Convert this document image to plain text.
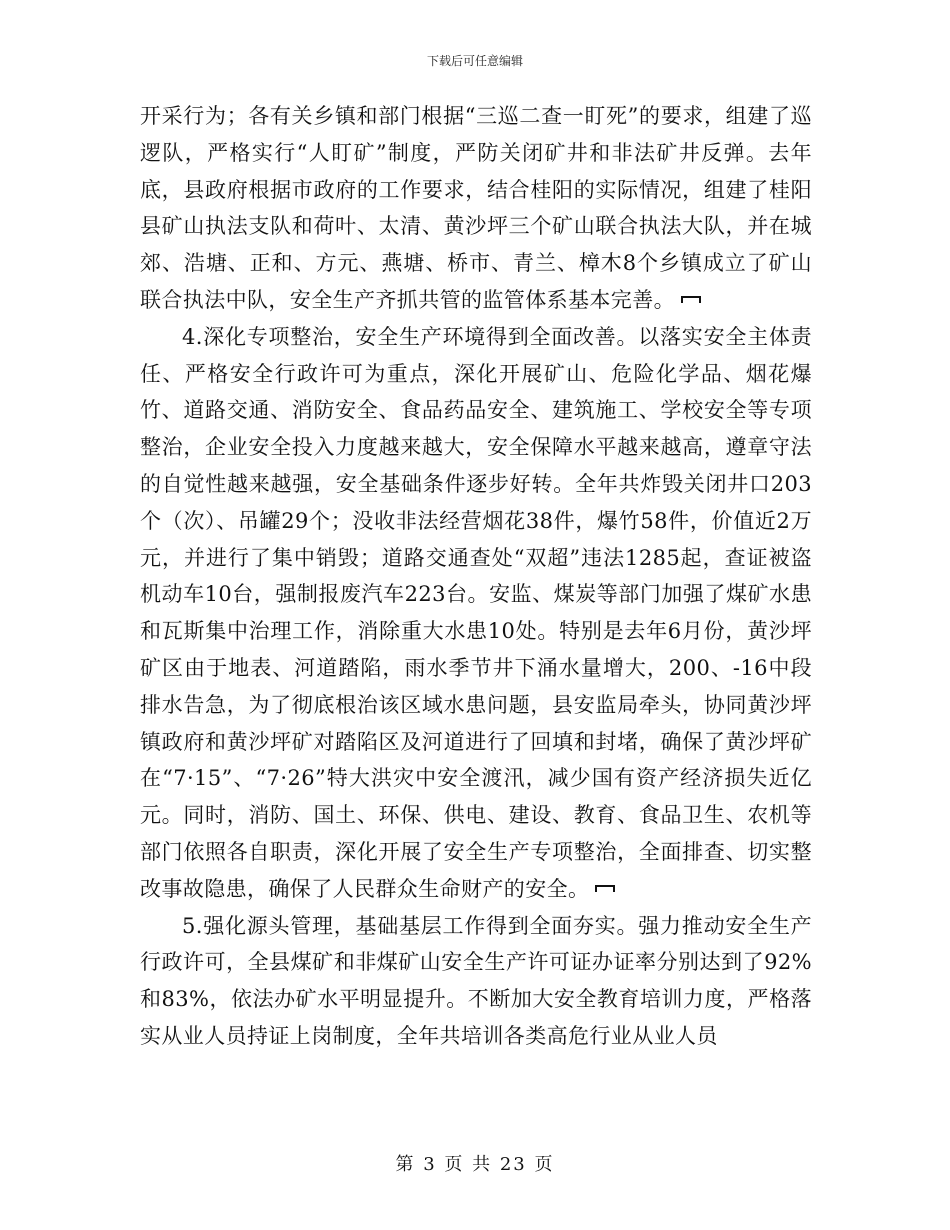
下载后可任意编辑

开采行为；各有关乡镇和部门根据“三巡二查一盯死”的要求，组建了巡逻队，严格实行“人盯矿”制度，严防关闭矿井和非法矿井反弹。去年底，县政府根据市政府的工作要求，结合桂阳的实际情况，组建了桂阳县矿山执法支队和荷叶、太清、黄沙坪三个矿山联合执法大队，并在城郊、浩塘、正和、方元、燕塘、桥市、青兰、樟木8个乡镇成立了矿山联合执法中队，安全生产齐抓共管的监管体系基本完善。

4.深化专项整治，安全生产环境得到全面改善。以落实安全主体责任、严格安全行政许可为重点，深化开展矿山、危险化学品、烟花爆竹、道路交通、消防安全、食品药品安全、建筑施工、学校安全等专项整治，企业安全投入力度越来越大，安全保障水平越来越高，遵章守法的自觉性越来越强，安全基础条件逐步好转。全年共炸毁关闭井口203个（次）、吊罐29个；没收非法经营烟花38件，爆竹58件，价值近2万元，并进行了集中销毁；道路交通查处“双超”违法1285起，查证被盗机动车10台，强制报废汽车223台。安监、煤炭等部门加强了煤矿水患和瓦斯集中治理工作，消除重大水患10处。特别是去年6月份，黄沙坪矿区由于地表、河道踏陷，雨水季节井下涌水量增大，200、-16中段排水告急，为了彻底根治该区域水患问题，县安监局牵头，协同黄沙坪镇政府和黄沙坪矿对踏陷区及河道进行了回填和封堵，确保了黄沙坪矿在“7·15”、“7·26”特大洪灾中安全渡汛，减少国有资产经济损失近亿元。同时，消防、国土、环保、供电、建设、教育、食品卫生、农机等部门依照各自职责，深化开展了安全生产专项整治，全面排查、切实整改事故隐患，确保了人民群众生命财产的安全。

5.强化源头管理，基础基层工作得到全面夯实。强力推动安全生产行政许可，全县煤矿和非煤矿山安全生产许可证办证率分别达到了92%和83%，依法办矿水平明显提升。不断加大安全教育培训力度，严格落实从业人员持证上岗制度，全年共培训各类高危行业从业人员

第 3 页 共 23 页
